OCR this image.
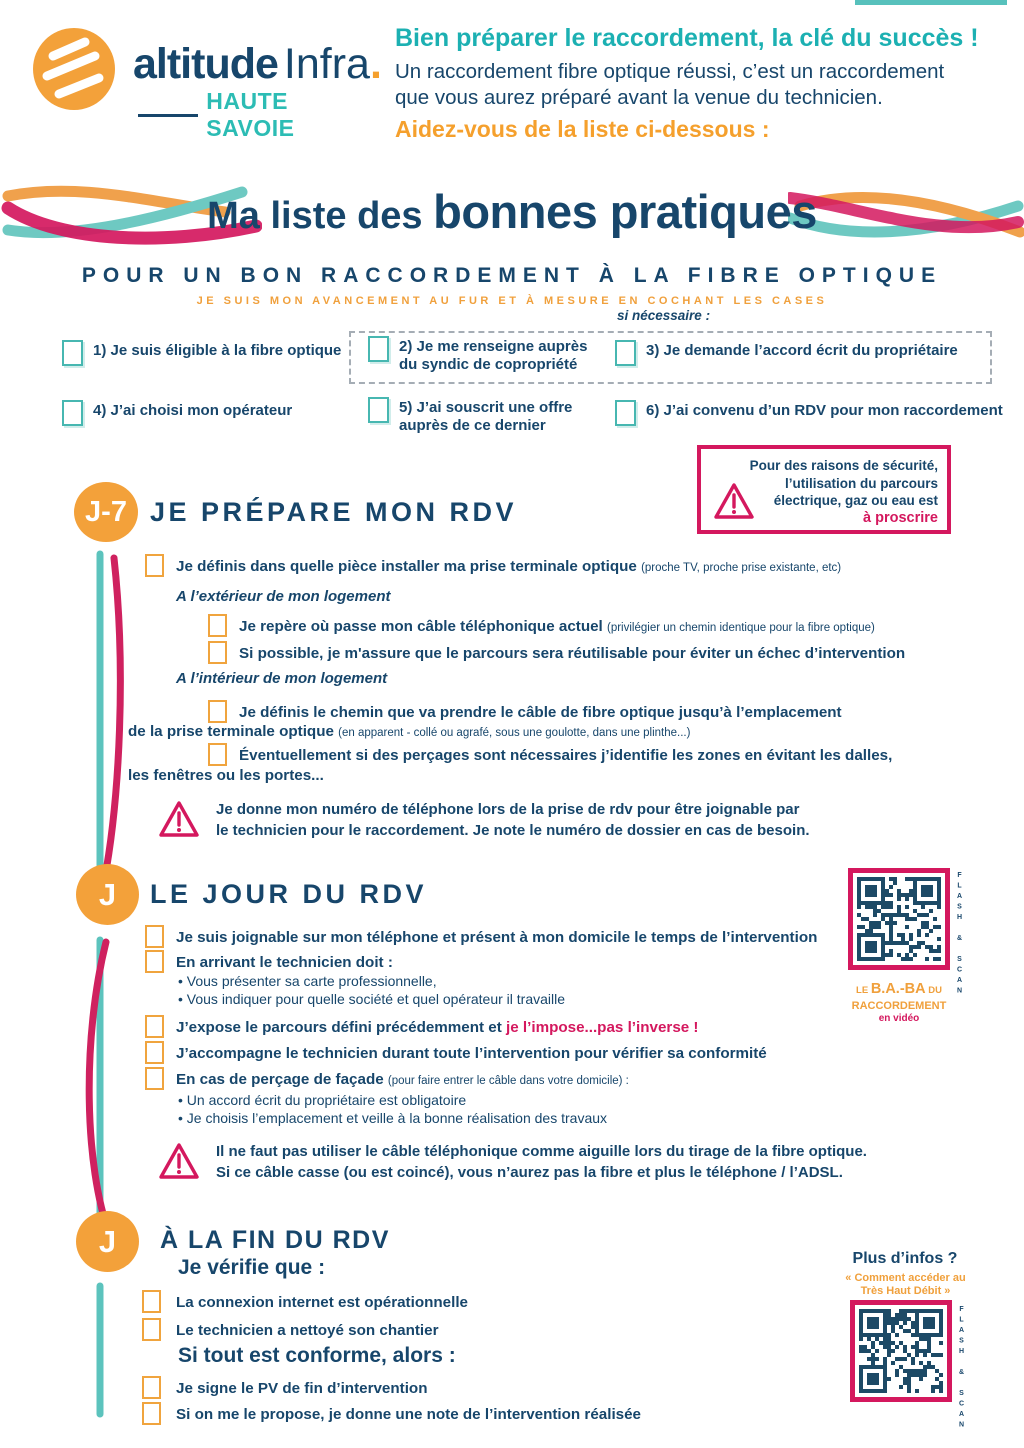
altitude Infra.
HAUTE SAVOIE
Bien préparer le raccordement, la clé du succès !
Un raccordement fibre optique réussi, c’est un raccordement
que vous aurez préparé avant la venue du technicien.
Aidez-vous de la liste ci-dessous :
Ma liste des bonnes pratiques
POUR UN BON RACCORDEMENT À LA FIBRE OPTIQUE
JE SUIS MON AVANCEMENT AU FUR ET À MESURE EN COCHANT LES CASES
si nécessaire :
1) Je suis éligible à la fibre optique	2) Je me renseigne auprès du syndic de copropriété
3) Je demande l’accord écrit du propriétaire
4) J’ai choisi mon opérateur	5) J’ai souscrit une offre auprès de ce dernier
6) J’ai convenu d’un RDV pour mon raccordement
Pour des raisons de sécurité,
l’utilisation du parcours
électrique, gaz ou eau est
à proscrire
J-7 JE PRÉPARE MON RDV
Je définis dans quelle pièce installer ma prise terminale optique (proche TV, proche prise existante, etc)
A l’extérieur de mon logement
Je repère où passe mon câble téléphonique actuel (privilégier un chemin identique pour la fibre optique)
Si possible, je m'assure que le parcours sera réutilisable pour éviter un échec d’intervention
A l’intérieur de mon logement
Je définis le chemin que va prendre le câble de fibre optique jusqu’à l’emplacement
de la prise terminale optique (en apparent - collé ou agrafé, sous une goulotte, dans une plinthe...)
Éventuellement si des perçages sont nécessaires j’identifie les zones en évitant les dalles,
les fenêtres ou les portes...
Je donne mon numéro de téléphone lors de la prise de rdv pour être joignable par
le technicien pour le raccordement. Je note le numéro de dossier en cas de besoin.
J	LE JOUR DU RDV
Je suis joignable sur mon téléphone et présent à mon domicile le temps de l’intervention
En arrivant le technicien doit :
• Vous présenter sa carte professionnelle,
• Vous indiquer pour quelle société et quel opérateur il travaille
J’expose le parcours défini précédemment et je l’impose...pas l’inverse !
J’accompagne le technicien durant toute l’intervention pour vérifier sa conformité
En cas de perçage de façade (pour faire entrer le câble dans votre domicile) :
• Un accord écrit du propriétaire est obligatoire
• Je choisis l’emplacement et veille à la bonne réalisation des travaux
Il ne faut pas utiliser le câble téléphonique comme aiguille lors du tirage de la fibre optique.
Si ce câble casse (ou est coincé), vous n’aurez pas la fibre et plus le téléphone / l’ADSL.
FLASH & SCAN
LE B.A.-BA DU
RACCORDEMENT
en vidéo
J	À LA FIN DU RDV
Je vérifie que :
La connexion internet est opérationnelle
Le technicien a nettoyé son chantier
Si tout est conforme, alors :
Je signe le PV de fin d’intervention
Si on me le propose, je donne une note de l’intervention réalisée
Plus d’infos ?
« Comment accéder au
Très Haut Débit »
FLASH & SCAN
